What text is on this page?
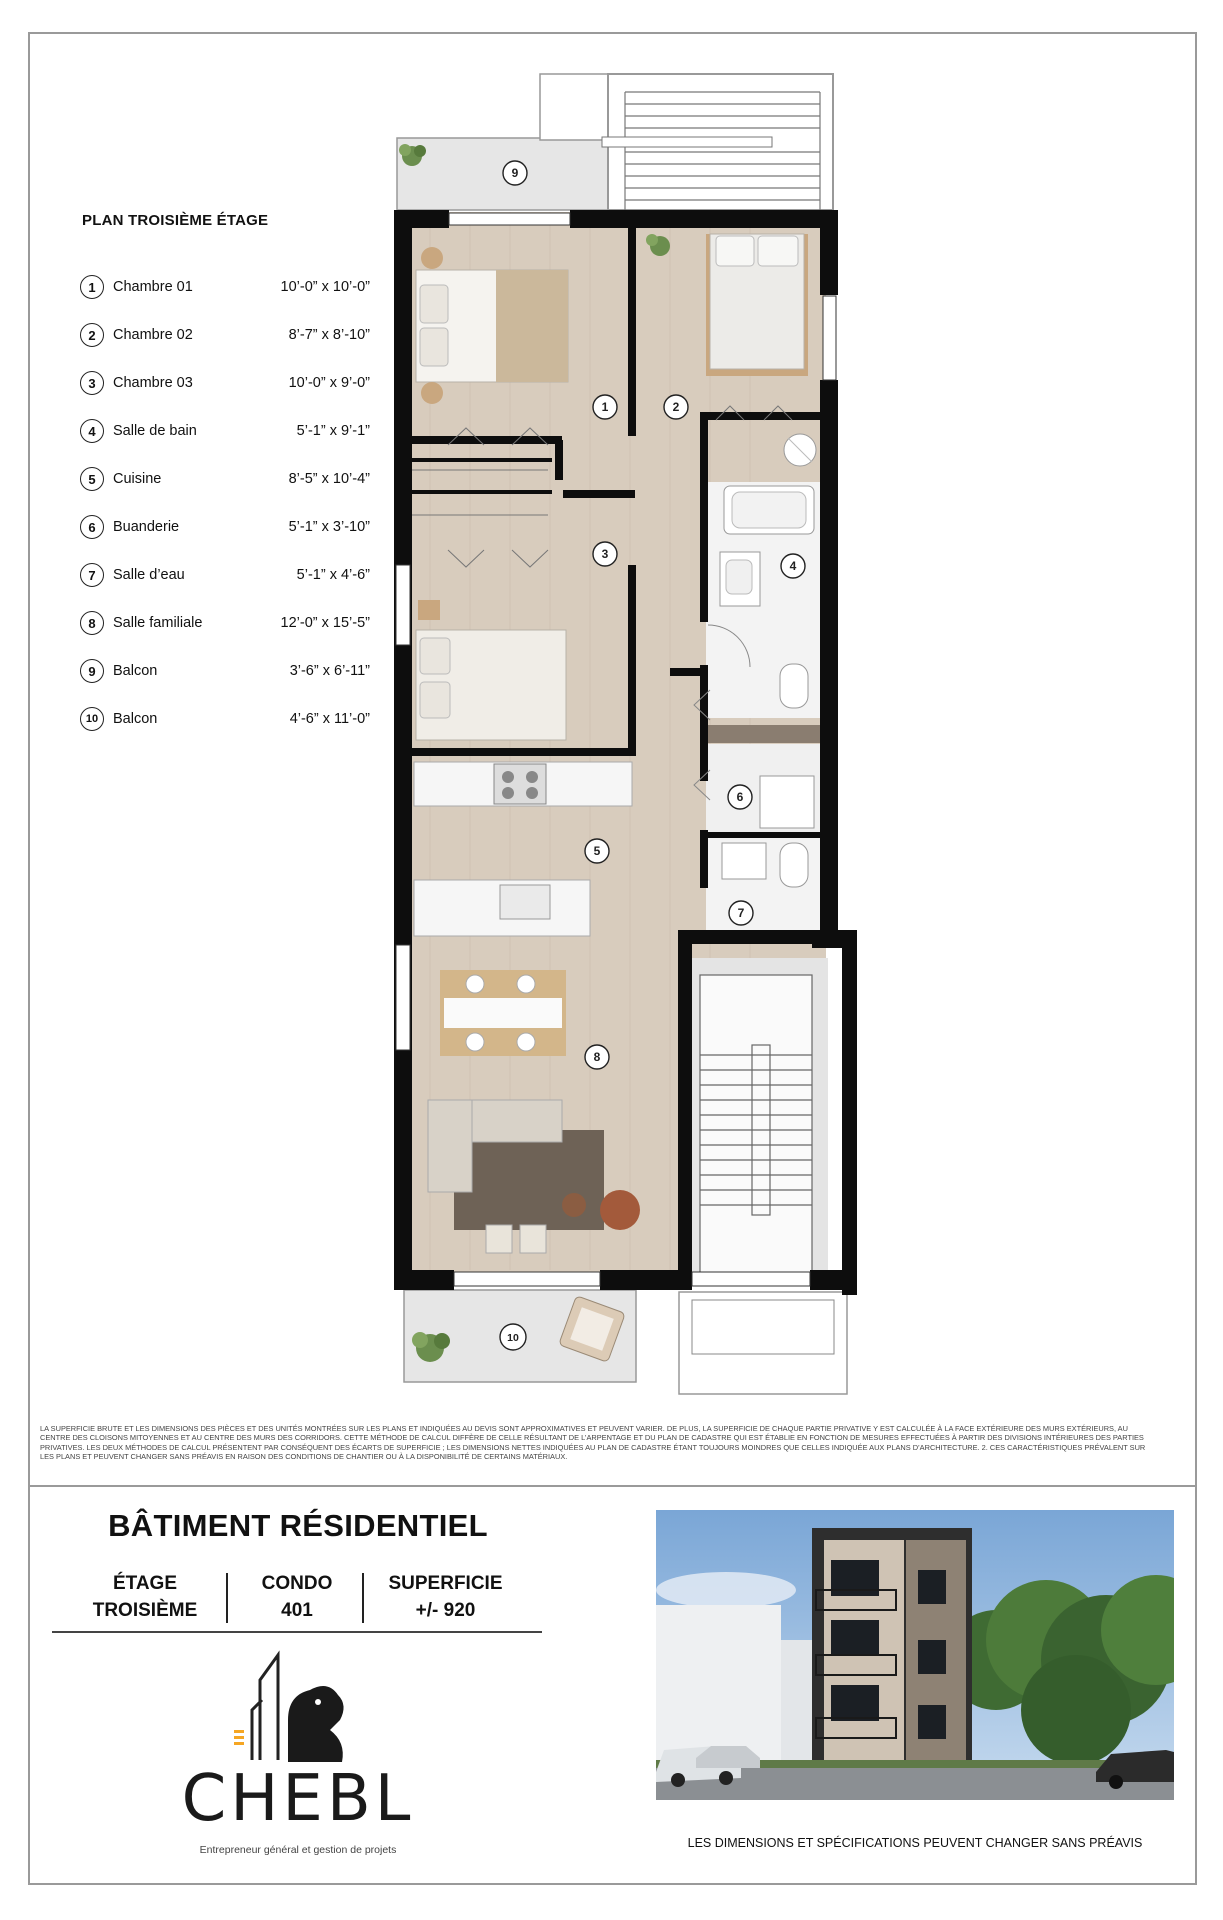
PLAN TROISIÈME ÉTAGE
1	Chambre 01	10’-0” x 10’-0”
2	Chambre 02	8’-7” x 8’-10”
3	Chambre 03	10’-0” x 9’-0”
4	Salle de bain	5’-1” x 9’-1”
5	Cuisine	8’-5” x 10’-4”
6	Buanderie	5’-1” x 3’-10”
7	Salle d’eau	5’-1” x 4’-6”
8	Salle familiale	12’-0” x 15’-5”
9	Balcon	3’-6” x 6’-11”
10	Balcon	4’-6” x 11’-0”
9
1	2
3
4
5
6
7
8
10
LA SUPERFICIE BRUTE ET LES DIMENSIONS DES PIÈCES ET DES UNITÉS MONTRÉES SUR LES PLANS ET INDIQUÉES AU DEVIS SONT APPROXIMATIVES ET PEUVENT VARIER. DE PLUS, LA SUPERFICIE DE CHAQUE PARTIE PRIVATIVE Y EST CALCULÉE À LA FACE EXTÉRIEURE DES MURS EXTÉRIEURS, AU CENTRE DES CLOISONS MITOYENNES ET AU CENTRE DES MURS DES CORRIDORS. CETTE MÉTHODE DE CALCUL DIFFÈRE DE CELLE RÉSULTANT DE L’ARPENTAGE ET DU PLAN DE CADASTRE QUI EST ÉTABLIE EN FONCTION DE MESURES EFFECTUÉES À PARTIR DES DIVISIONS INTÉRIEURES DES PARTIES PRIVATIVES. LES DEUX MÉTHODES DE CALCUL PRÉSENTENT PAR CONSÉQUENT DES ÉCARTS DE SUPERFICIE ; LES DIMENSIONS NETTES INDIQUÉES AU PLAN DE CADASTRE ÉTANT TOUJOURS MOINDRES QUE CELLES INDIQUÉE AUX PLANS D’ARCHITECTURE. 2. CES CARACTÉRISTIQUES PRÉVALENT SUR LES PLANS ET PEUVENT CHANGER SANS PRÉAVIS EN RAISON DES CONDITIONS DE CHANTIER OU À LA DISPONIBILITÉ DE CERTAINS MATÉRIAUX.
BÂTIMENT RÉSIDENTIEL
ÉTAGE
TROISIÈME
CONDO
401
SUPERFICIE
+/- 920
CHEBL
Entrepreneur général et gestion de projets	LES DIMENSIONS ET SPÉCIFICATIONS PEUVENT CHANGER SANS PRÉAVIS
